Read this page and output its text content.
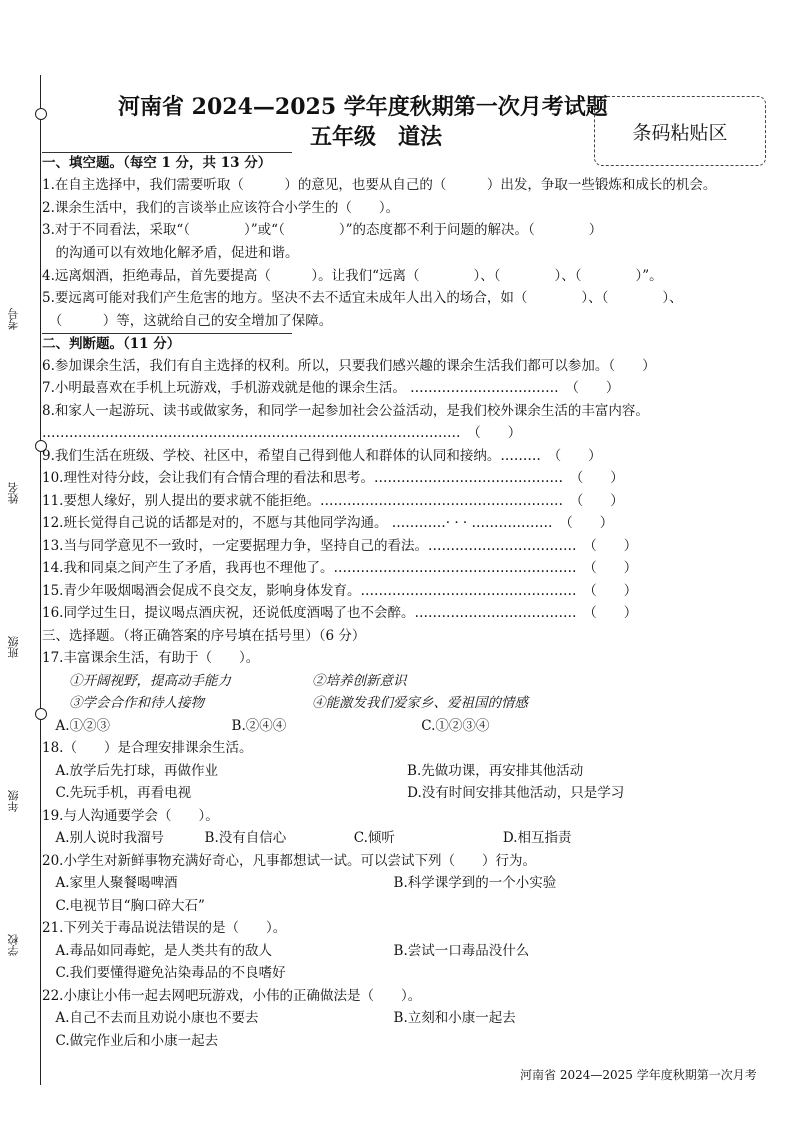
考号
姓名
班级
年级
学校
河南省 2024—2025 学年度秋期第一次月考试题
五年级　道法	条码粘贴区
一、填空题。（每空 1 分，共 13 分）
1.在自主选择中，我们需要听取（　　　）的意见，也要从自己的（　　　）出发，争取一些锻炼和成长的机会。
2.课余生活中，我们的言谈举止应该符合小学生的（　　）。
3.对于不同看法，采取“（　　　　）”或“（　　　　）”的态度都不利于问题的解决。（　　　　）
　的沟通可以有效地化解矛盾，促进和谐。
4.远离烟酒，拒绝毒品，首先要提高（　　　）。让我们“远离（　　　　）、（　　　　）、（　　　　）”。
5.要远离可能对我们产生危害的地方。坚决不去不适宜未成年人出入的场合，如（　　　　）、（　　　　）、
　（　　　）等，这就给自己的安全增加了保障。
二、判断题。（11 分）
6.参加课余生活，我们有自主选择的权利。所以，只要我们感兴趣的课余生活我们都可以参加。（　　）
7.小明最喜欢在手机上玩游戏，手机游戏就是他的课余生活。 ……………………………　（　　）
8.和家人一起游玩、读书或做家务，和同学一起参加社会公益活动，是我们校外课余生活的丰富内容。
…………………………………………………………………………………　（　　）
9.我们生活在班级、学校、社区中，希望自己得到他人和群体的认同和接纳。………　（　　）
10.理性对待分歧，会让我们有合情合理的看法和思考。……………………………………　（　　）
11.要想人缘好，别人提出的要求就不能拒绝。………………………………………………　（　　）
12.班长觉得自己说的话都是对的，不愿与其他同学沟通。 …………· · · ………………　（　　）
13.当与同学意见不一致时，一定要据理力争，坚持自己的看法。……………………………　（　　）
14.我和同桌之间产生了矛盾，我再也不理他了。………………………………………………　（　　）
15.青少年吸烟喝酒会促成不良交友，影响身体发育。…………………………………………　（　　）
16.同学过生日，提议喝点酒庆祝，还说低度酒喝了也不会醉。………………………………　（　　）
三、选择题。（将正确答案的序号填在括号里）（6 分）
17.丰富课余生活，有助于（　　）。
　　①开阔视野，提高动手能力　　　　　　②培养创新意识
　　③学会合作和待人接物　　　　　　　　④能激发我们爱家乡、爱祖国的情感
　A.①②③　　　　　　　　　B.②④④　　　　　　　　　　C.①②③④
18.（　　）是合理安排课余生活。
　A.放学后先打球，再做作业　　　　　　　　　　　　　　B.先做功课，再安排其他活动
　C.先玩手机，再看电视　　　　　　　　　　　　　　　　D.没有时间安排其他活动，只是学习
19.与人沟通要学会（　　）。
　A.别人说时我溜号　　　B.没有自信心　　　　　C.倾听　　　　　　　　D.相互指责
20.小学生对新鲜事物充满好奇心，凡事都想试一试。可以尝试下列（　　）行为。
　A.家里人聚餐喝啤酒　　　　　　　　　　　　　　　　B.科学课学到的一个小实验
　C.电视节目“胸口碎大石”
21.下列关于毒品说法错误的是（　　）。
　A.毒品如同毒蛇，是人类共有的敌人　　　　　　　　　B.尝试一口毒品没什么
　C.我们要懂得避免沾染毒品的不良嗜好
22.小康让小伟一起去网吧玩游戏，小伟的正确做法是（　　）。
　A.自己不去而且劝说小康也不要去　　　　　　　　　　B.立刻和小康一起去
　C.做完作业后和小康一起去
河南省 2024—2025 学年度秋期第一次月考
